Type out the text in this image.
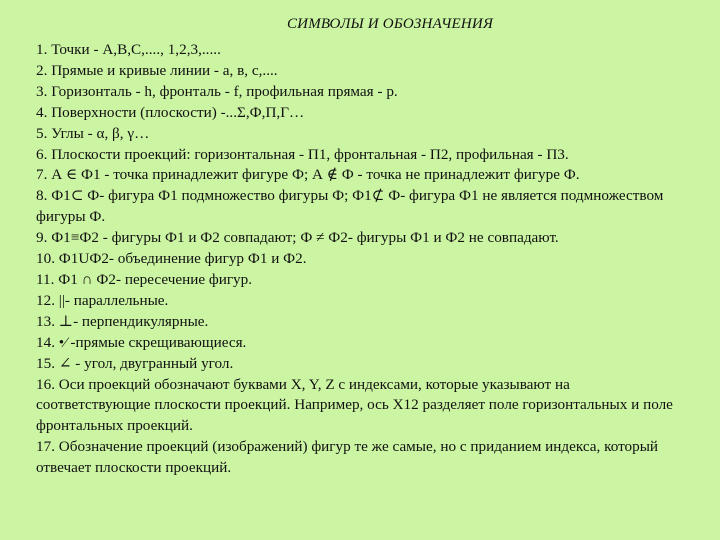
СИМВОЛЫ И ОБОЗНАЧЕНИЯ
1. Точки - А,В,С,...., 1,2,3,.....
2. Прямые и кривые линии - а, в, с,....
3. Горизонталь - h, фронталь - f, профильная прямая - р.
4. Поверхности (плоскости) -...Σ,Ф,П,Г…
5. Углы - α, β, γ…
6. Плоскости проекций: горизонтальная - П1, фронтальная - П2, профильная - П3.
7. А ∈ Ф1 - точка принадлежит фигуре Ф; А ∉ Ф - точка не принадлежит фигуре Ф.
8. Ф1⊂ Ф- фигура Ф1 подмножество фигуры Ф; Ф1⊄ Ф- фигура Ф1 не является подмножеством фигуры Ф.
9. Ф1≡Ф2 - фигуры Ф1 и Ф2 совпадают; Ф ≠ Ф2- фигуры Ф1 и Ф2 не совпадают.
10. Ф1UФ2- объединение фигур Ф1 и Ф2.
11. Ф1 ∩ Ф2- пересечение фигур.
12. ||- параллельные.
13. ⊥- перпендикулярные.
14. •⁄ -прямые скрещивающиеся.
15. ∠ - угол, двугранный угол.
16. Оси проекций обозначают буквами X, Y, Z с индексами, которые указывают на соответствующие плоскости проекций. Например, ось X12 разделяет поле горизонтальных и поле фронтальных проекций.
17. Обозначение проекций (изображений) фигур те же самые, но с приданием индекса, который отвечает плоскости проекций.
